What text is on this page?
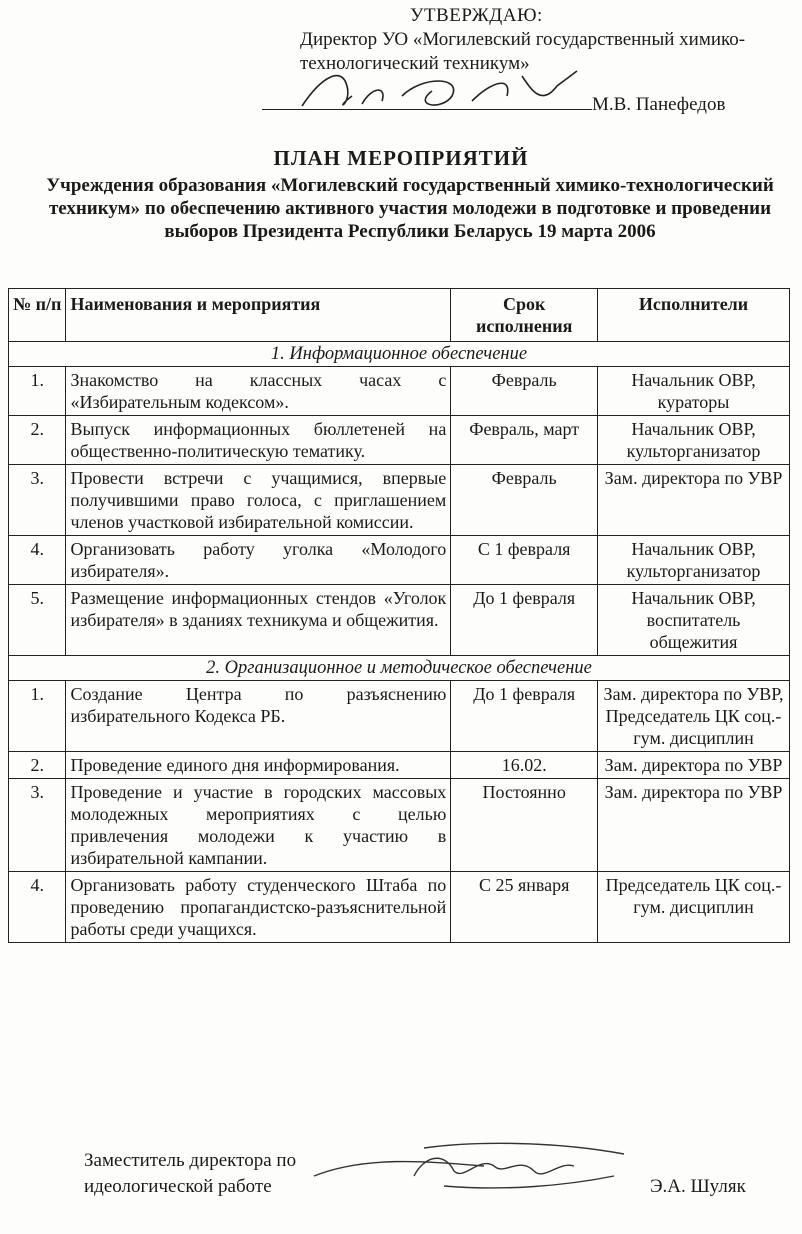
УТВЕРЖДАЮ:
Директор УО «Могилевский государственный химико-технологический техникум»
М.В. Панефедов
ПЛАН МЕРОПРИЯТИЙ
Учреждения образования «Могилевский государственный химико-технологический техникум» по обеспечению активного участия молодежи в подготовке и проведении выборов Президента Республики Беларусь 19 марта 2006
№ п/п	Наименования и мероприятия	Срок исполнения	Исполнители
1. Информационное обеспечение			
1.	Знакомство на классных часах с «Избирательным кодексом».	Февраль	Начальник ОВР, кураторы
2.	Выпуск информационных бюллетеней на общественно-политическую тематику.	Февраль, март	Начальник ОВР, культорганизатор
3.	Провести встречи с учащимися, впервые получившими право голоса, с приглашением членов участковой избирательной комиссии.	Февраль	Зам. директора по УВР
4.	Организовать работу уголка «Молодого избирателя».	С 1 февраля	Начальник ОВР, культорганизатор
5.	Размещение информационных стендов «Уголок избирателя» в зданиях техникума и общежития.	До 1 февраля	Начальник ОВР, воспитатель общежития
2. Организационное и методическое обеспечение			
1.	Создание Центра по разъяснению избирательного Кодекса РБ.	До 1 февраля	Зам. директора по УВР, Председатель ЦК соц.-гум. дисциплин
2.	Проведение единого дня информирования.	16.02.	Зам. директора по УВР
3.	Проведение и участие в городских массовых молодежных мероприятиях с целью привлечения молодежи к участию в избирательной кампании.	Постоянно	Зам. директора по УВР
4.	Организовать работу студенческого Штаба по проведению пропагандистско-разъяснительной работы среди учащихся.	С 25 января	Председатель ЦК соц.-гум. дисциплин
Заместитель директора по идеологической работе	Э.А. Шуляк
